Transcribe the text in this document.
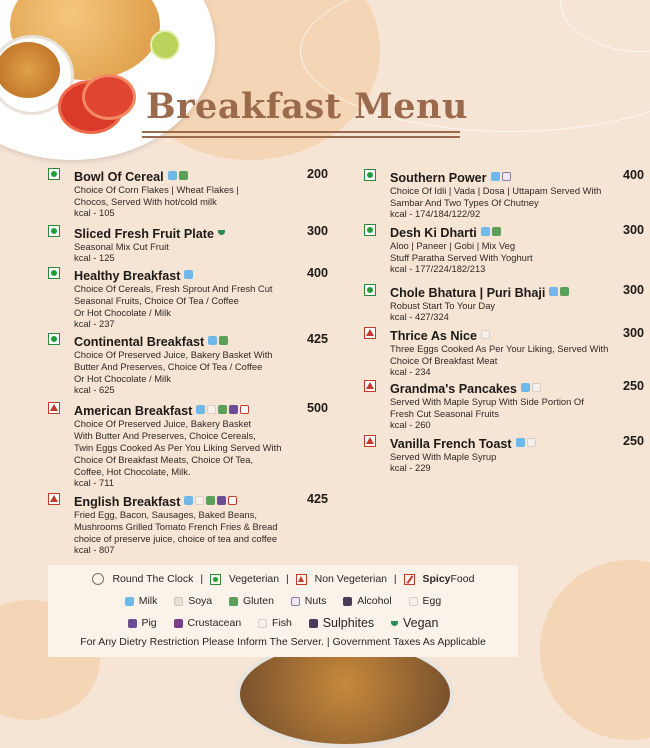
Breakfast Menu
Bowl Of Cereal	200
Choice Of Corn Flakes | Wheat Flakes |
Chocos, Served With hot/cold milk
kcal - 105
Sliced Fresh Fruit Plate	300
Seasonal Mix Cut Fruit
kcal - 125
Healthy Breakfast	400
Choice Of Cereals, Fresh Sprout And Fresh Cut
Seasonal Fruits, Choice Of Tea / Coffee
Or Hot Chocolate / Milk
kcal - 237
Continental Breakfast	425
Choice Of Preserved Juice, Bakery Basket With
Butter And Preserves, Choice Of Tea / Coffee
Or Hot Chocolate / Milk
kcal - 625
American Breakfast	500
Choice Of Preserved Juice, Bakery Basket
With Butter And Preserves, Choice Cereals,
Twin Eggs Cooked As Per You Liking Served With
Choice Of Breakfast Meats, Choice Of Tea,
Coffee, Hot Chocolate, Milk.
kcal - 711
English Breakfast	425
Fried Egg, Bacon, Sausages, Baked Beans,
Mushrooms Grilled Tomato French Fries & Bread
choice of preserve juice, choice of tea and coffee
kcal - 807
Southern Power	400
Choice Of Idli | Vada | Dosa | Uttapam Served With
Sambar And Two Types Of Chutney
kcal - 174/184/122/92
Desh Ki Dharti	300
Aloo | Paneer | Gobi | Mix Veg
Stuff Paratha Served With Yoghurt
kcal - 177/224/182/213
Chole Bhatura | Puri Bhaji	300
Robust Start To Your Day
kcal - 427/324
Thrice As Nice	300
Three Eggs Cooked As Per Your Liking, Served With
Choice Of Breakfast Meat
kcal - 234
Grandma's Pancakes	250
Served With Maple Syrup With Side Portion Of
Fresh Cut Seasonal Fruits
kcal - 260
Vanilla French Toast	250
Served With Maple Syrup
kcal - 229
Round The Clock | Vegeterian | Non Vegeterian | SpicyFood
Milk	Soya	Gluten	Nuts	Alcohol	Egg
Pig	Crustacean	Fish Sulphites Vegan
For Any Dietry Restriction Please Inform The Server. | Government Taxes As Applicable
